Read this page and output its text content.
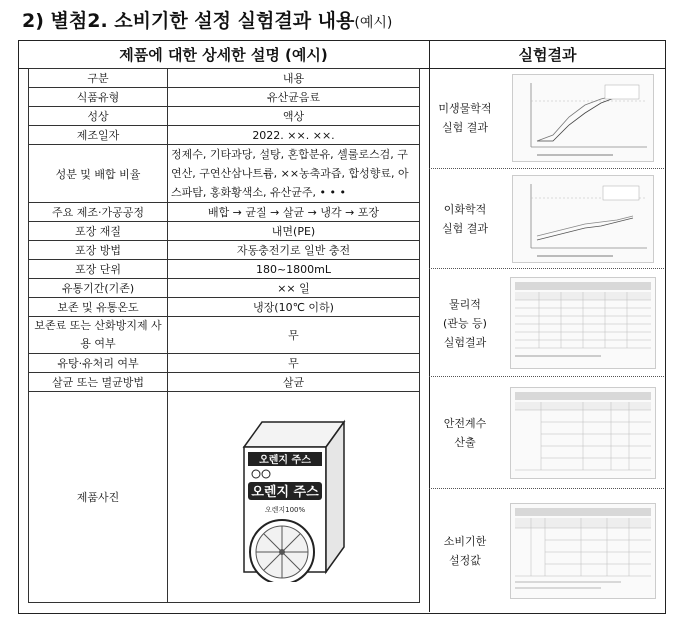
2) 별첨2. 소비기한 설정 실험결과 내용(예시)
제품에 대한 상세한 설명 (예시)	실험결과
구분	내용
식품유형	유산균음료
성상	액상
제조일자	2022. ××. ××.
성분 및 배합 비율	정제수, 기타과당, 설탕, 혼합분유, 셀룰로스검, 구연산, 구연산삼나트륨, ××농축과즙, 합성향료, 아스파탐, 홍화황색소, 유산균주, • • •
주요 제조·가공공정	배합 → 균질 → 살균 → 냉각 → 포장
포장 재질	내면(PE)
포장 방법	자동충전기로 일반 충전
포장 단위	180~1800mL
유통기간(기존)	×× 일
보존 및 유통온도	냉장(10℃ 이하)
보존료 또는 산화방지제 사용 여부	무
유탕·유처리 여부	무
살균 또는 멸균방법	살균
제품사진	오렌지 주스
오렌지 주스
오렌지100%
미생물학적
실험 결과
이화학적
실험 결과
물리적
(관능 등)
실험결과
안전계수
산출
소비기한
설정값
